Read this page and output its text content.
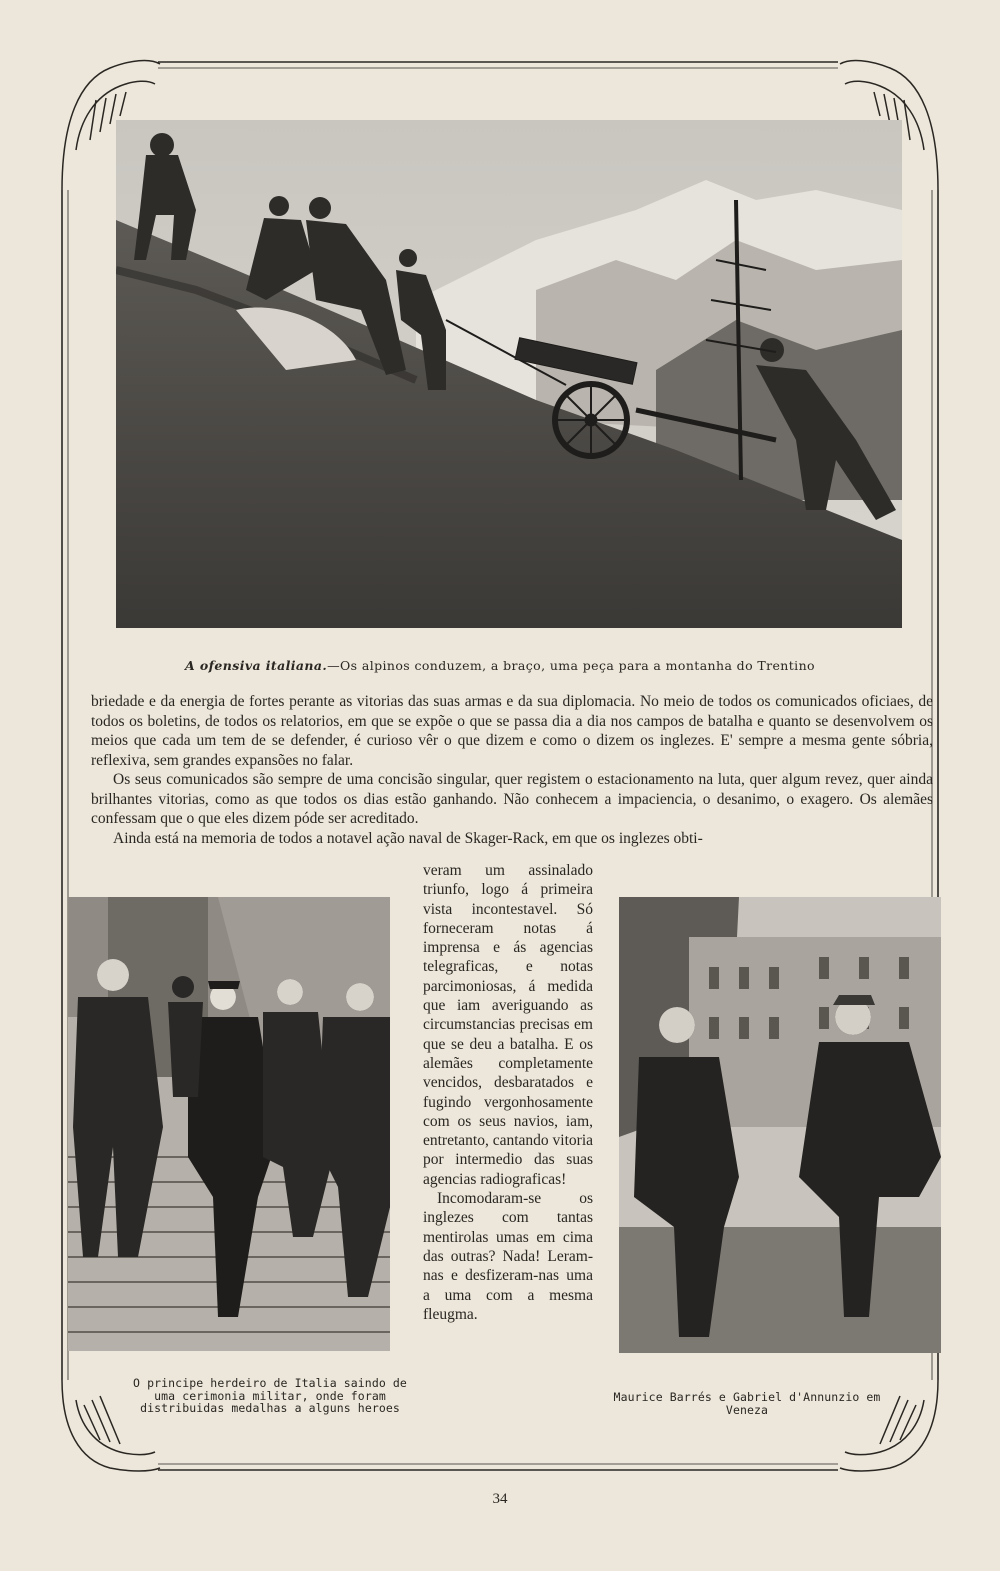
A ofensiva italiana.—Os alpinos conduzem, a braço, uma peça para a montanha do Trentino

briedade e da energia de fortes perante as vitorias das suas armas e da sua diplomacia. No meio de todos os comunicados oficiaes, de todos os boletins, de todos os relatorios, em que se expõe o que se passa dia a dia nos campos de batalha e quanto se desenvolvem os meios que cada um tem de se defender, é curioso vêr o que dizem e como o dizem os inglezes. E' sempre a mesma gente sóbria, reflexiva, sem grandes expansões no falar.

Os seus comunicados são sempre de uma concisão singular, quer registem o estacionamento na luta, quer algum revez, quer ainda brilhantes vitorias, como as que todos os dias estão ganhando. Não conhecem a impaciencia, o desanimo, o exagero. Os alemães confessam que o que eles dizem póde ser acreditado.

Ainda está na memoria de todos a notavel ação naval de Skager-Rack, em que os inglezes obti-

O principe herdeiro de Italia saindo de uma cerimonia militar, onde foram distribuidas medalhas a alguns heroes

veram um assinalado triunfo, logo á primeira vista incontestavel. Só forneceram notas á imprensa e ás agencias telegraficas, e notas parcimoniosas, á medida que iam averiguando as circumstancias precisas em que se deu a batalha. E os alemães completamente vencidos, desbaratados e fugindo vergonhosamente com os seus navios, iam, entretanto, cantando vitoria por intermedio das suas agencias radiograficas!

Incomodaram-se os inglezes com tantas mentirolas umas em cima das outras? Nada! Leram-nas e desfizeram-nas uma a uma com a mesma fleugma.

Maurice Barrés e Gabriel d'Annunzio em Veneza
34
